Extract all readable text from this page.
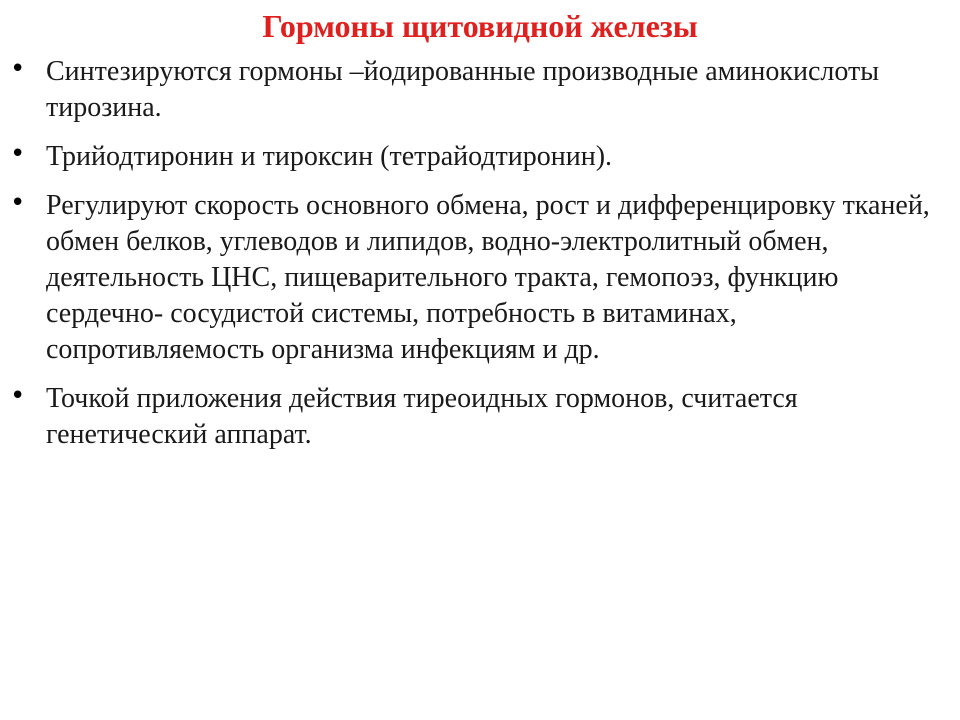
Гормоны щитовидной железы
• Синтезируются гормоны –йодированные производные аминокислоты тирозина.
• Трийодтиронин и тироксин (тетрайодтиронин).
• Регулируют скорость основного обмена, рост и дифференцировку тканей, обмен белков, углеводов и липидов, водно-электролитный обмен, деятельность ЦНС, пищеварительного тракта, гемопоэз, функцию сердечно- сосудистой системы, потребность в витаминах, сопротивляемость организма инфекциям и др.
• Точкой приложения действия тиреоидных гормонов, считается генетический аппарат.
